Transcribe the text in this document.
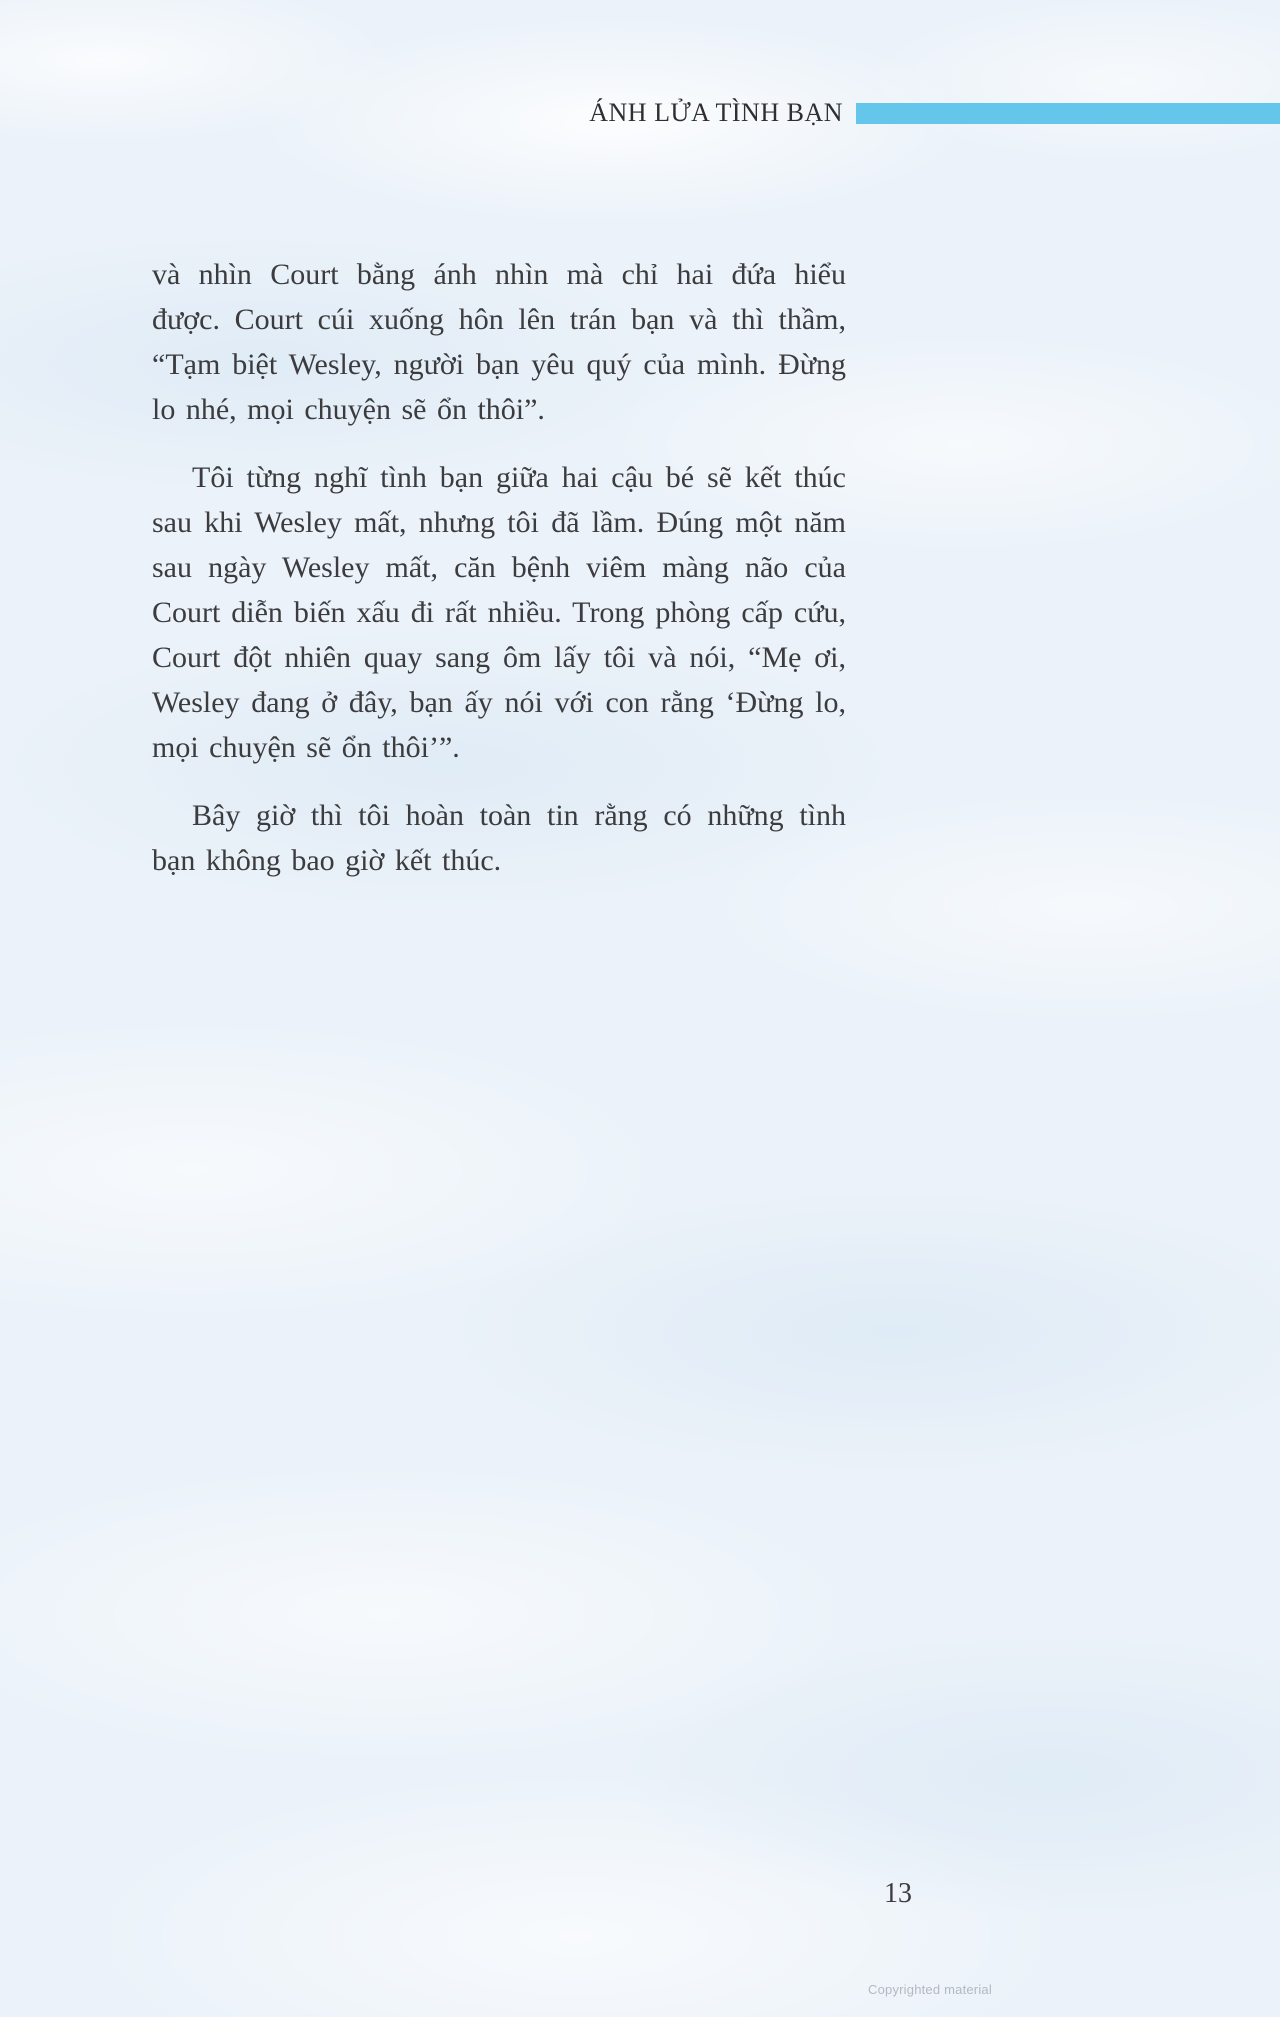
ÁNH LỬA TÌNH BẠN

và nhìn Court bằng ánh nhìn mà chỉ hai đứa hiểu được. Court cúi xuống hôn lên trán bạn và thì thầm, “Tạm biệt Wesley, người bạn yêu quý của mình. Đừng lo nhé, mọi chuyện sẽ ổn thôi”.

Tôi từng nghĩ tình bạn giữa hai cậu bé sẽ kết thúc sau khi Wesley mất, nhưng tôi đã lầm. Đúng một năm sau ngày Wesley mất, căn bệnh viêm màng não của Court diễn biến xấu đi rất nhiều. Trong phòng cấp cứu, Court đột nhiên quay sang ôm lấy tôi và nói, “Mẹ ơi, Wesley đang ở đây, bạn ấy nói với con rằng ‘Đừng lo, mọi chuyện sẽ ổn thôi’”.

Bây giờ thì tôi hoàn toàn tin rằng có những tình bạn không bao giờ kết thúc.

13
Copyrighted material
